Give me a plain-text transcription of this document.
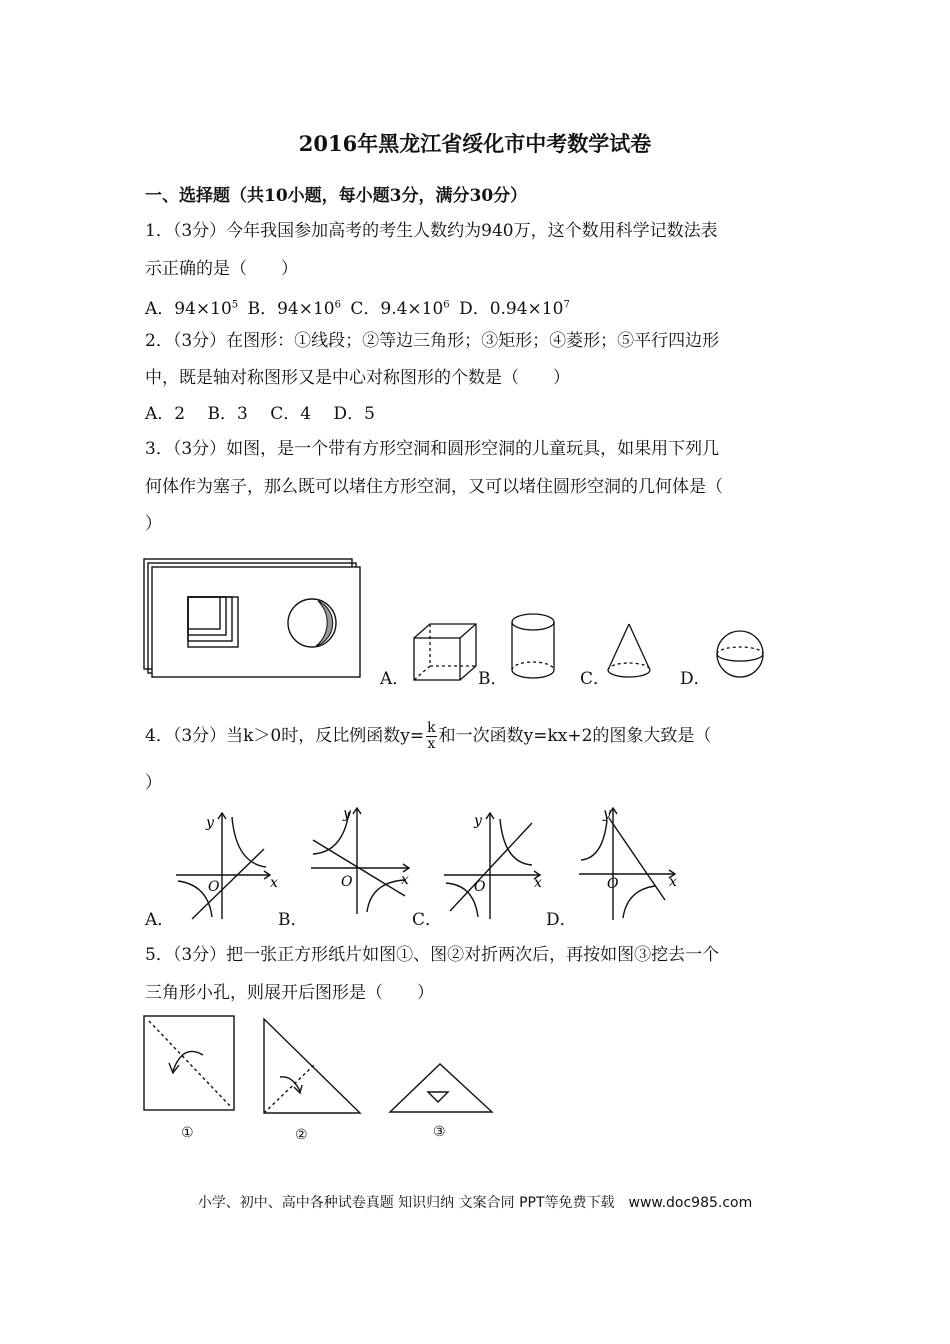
2016年黑龙江省绥化市中考数学试卷
一、选择题（共10小题，每小题3分，满分30分）
1．（3分）今年我国参加高考的考生人数约为940万，这个数用科学记数法表
示正确的是（　　）
A．$94\times 10^5$ B．$94\times 10^6$ C．$9.4\times 10^6$ D．$0.94\times 10^7$
2．（3分）在图形：①线段；②等边三角形；③矩形；④菱形；⑤平行四边形
中，既是轴对称图形又是中心对称图形的个数是（　　）
A．2　 B．3　 C．4　 D．5
3．（3分）如图，是一个带有方形空洞和圆形空洞的儿童玩具，如果用下列几
何体作为塞子，那么既可以堵住方形空洞，又可以堵住圆形空洞的几何体是（
）
A．	B．	C．	D．
4．（3分）当k＞0时，反比例函数$y= \frac{k}{x}$ 和一次函数y=kx+2的图象大致是（
）
y
x
O
A．
y
x
O
B．
y
x
O
C．
y
x
O
D．
5．（3分）把一张正方形纸片如图①、图②对折两次后，再按如图③挖去一个
三角形小孔，则展开后图形是（　　）
①	②	③
小学、初中、高中各种试卷真题 知识归纳 文案合同 PPT等免费下载　www.doc985.com
